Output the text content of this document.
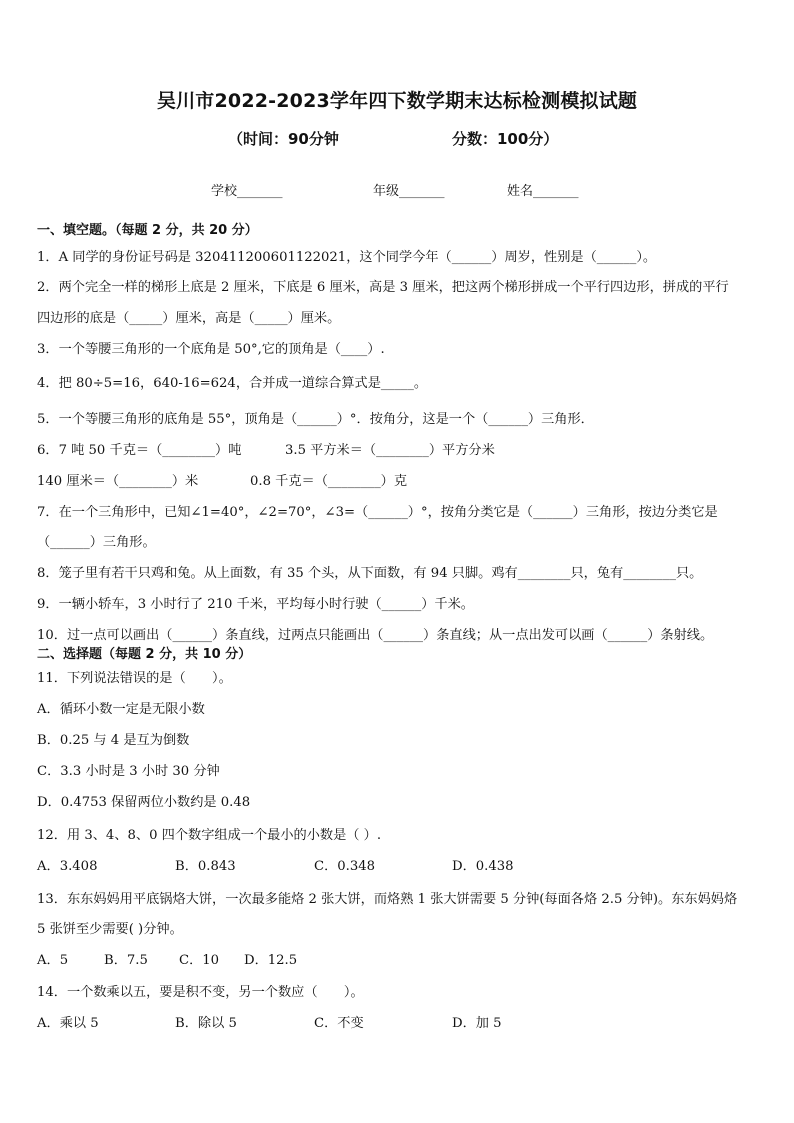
吴川市2022-2023学年四下数学期末达标检测模拟试题
（时间：90分钟	分数：100分）
学校_______	年级_______	姓名_______

一、填空题。（每题 2 分，共 20 分）

1．A 同学的身份证号码是 320411200601122021，这个同学今年（______）周岁，性别是（______）。

2．两个完全一样的梯形上底是 2 厘米，下底是 6 厘米，高是 3 厘米，把这两个梯形拼成一个平行四边形，拼成的平行

四边形的底是（_____）厘米，高是（_____）厘米。

3．一个等腰三角形的一个底角是 50°,它的顶角是（____）.

4．把 80÷5=16，640-16=624，合并成一道综合算式是_____。

5．一个等腰三角形的底角是 55°，顶角是（______）°．按角分，这是一个（______）三角形．

6．7 吨 50 千克＝（________）吨	3.5 平方米＝（________）平方分米
140 厘米＝（________）米	0.8 千克＝（________）克

7．在一个三角形中，已知∠1=40°，∠2=70°，∠3=（______）°，按角分类它是（______）三角形，按边分类它是

（______）三角形。

8．笼子里有若干只鸡和兔。从上面数，有 35 个头，从下面数，有 94 只脚。鸡有________只，兔有________只。

9．一辆小轿车，3 小时行了 210 千米，平均每小时行驶（______）千米。

10．过一点可以画出（______）条直线，过两点只能画出（______）条直线；从一点出发可以画（______）条射线。

二、选择题（每题 2 分，共 10 分）

11．下列说法错误的是（　　）。

A．循环小数一定是无限小数

B．0.25 与 4 是互为倒数

C．3.3 小时是 3 小时 30 分钟

D．0.4753 保留两位小数约是 0.48

12．用 3、4、8、0 四个数字组成一个最小的小数是（ ）.

A．3.408	B．0.843	C．0.348	D．0.438

13．东东妈妈用平底锅烙大饼，一次最多能烙 2 张大饼，而烙熟 1 张大饼需要 5 分钟(每面各烙 2.5 分钟)。东东妈妈烙

5 张饼至少需要( )分钟。

A．5	B．7.5 C．10 D．12.5

14．一个数乘以五，要是积不变，另一个数应（　　）。

A．乘以 5	B．除以 5	C．不变	D．加 5
